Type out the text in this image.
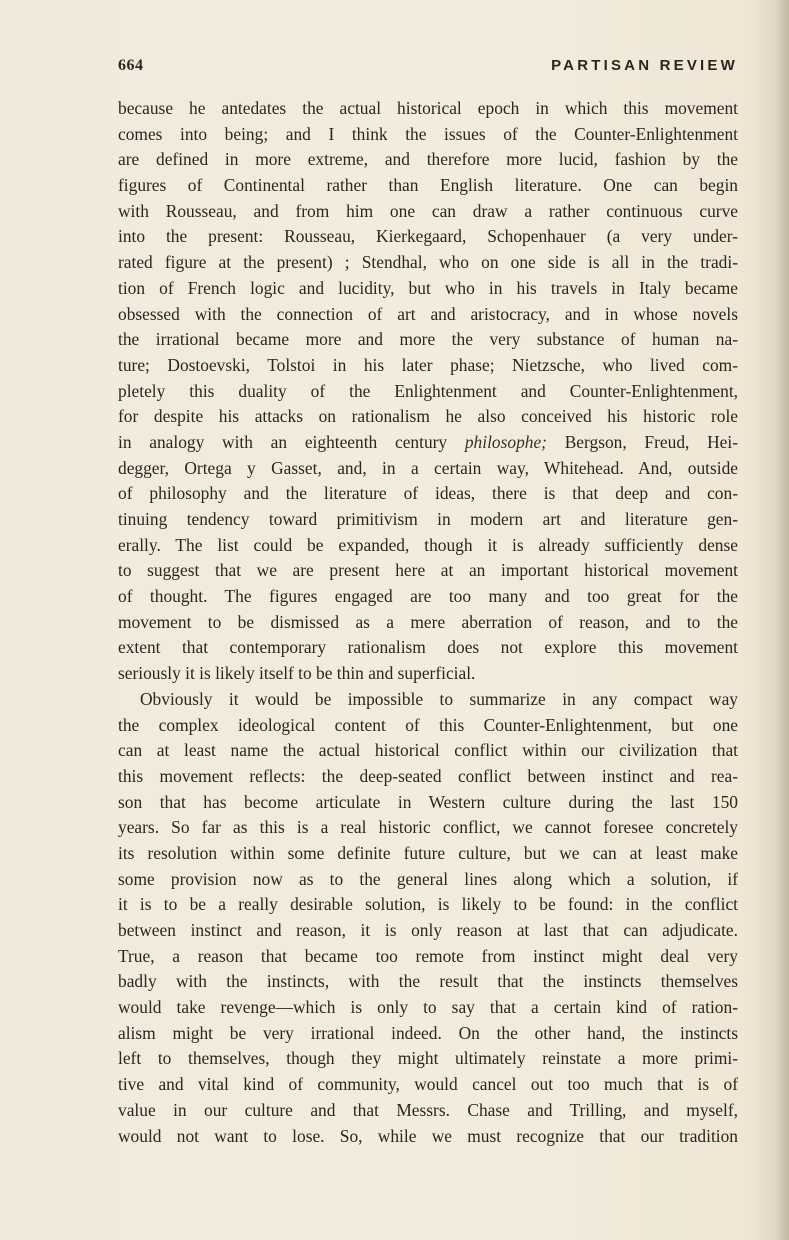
664	PARTISAN REVIEW
because he antedates the actual historical epoch in which this movement
comes into being; and I think the issues of the Counter-Enlightenment
are defined in more extreme, and therefore more lucid, fashion by the
figures of Continental rather than English literature. One can begin
with Rousseau, and from him one can draw a rather continuous curve
into the present: Rousseau, Kierkegaard, Schopenhauer (a very under-
rated figure at the present) ; Stendhal, who on one side is all in the tradi-
tion of French logic and lucidity, but who in his travels in Italy became
obsessed with the connection of art and aristocracy, and in whose novels
the irrational became more and more the very substance of human na-
ture; Dostoevski, Tolstoi in his later phase; Nietzsche, who lived com-
pletely this duality of the Enlightenment and Counter-Enlightenment,
for despite his attacks on rationalism he also conceived his historic role
in analogy with an eighteenth century philosophe; Bergson, Freud, Hei-
degger, Ortega y Gasset, and, in a certain way, Whitehead. And, outside
of philosophy and the literature of ideas, there is that deep and con-
tinuing tendency toward primitivism in modern art and literature gen-
erally. The list could be expanded, though it is already sufficiently dense
to suggest that we are present here at an important historical movement
of thought. The figures engaged are too many and too great for the
movement to be dismissed as a mere aberration of reason, and to the
extent that contemporary rationalism does not explore this movement
seriously it is likely itself to be thin and superficial.
Obviously it would be impossible to summarize in any compact way
the complex ideological content of this Counter-Enlightenment, but one
can at least name the actual historical conflict within our civilization that
this movement reflects: the deep-seated conflict between instinct and rea-
son that has become articulate in Western culture during the last 150
years. So far as this is a real historic conflict, we cannot foresee concretely
its resolution within some definite future culture, but we can at least make
some provision now as to the general lines along which a solution, if
it is to be a really desirable solution, is likely to be found: in the conflict
between instinct and reason, it is only reason at last that can adjudicate.
True, a reason that became too remote from instinct might deal very
badly with the instincts, with the result that the instincts themselves
would take revenge—which is only to say that a certain kind of ration-
alism might be very irrational indeed. On the other hand, the instincts
left to themselves, though they might ultimately reinstate a more primi-
tive and vital kind of community, would cancel out too much that is of
value in our culture and that Messrs. Chase and Trilling, and myself,
would not want to lose. So, while we must recognize that our tradition
